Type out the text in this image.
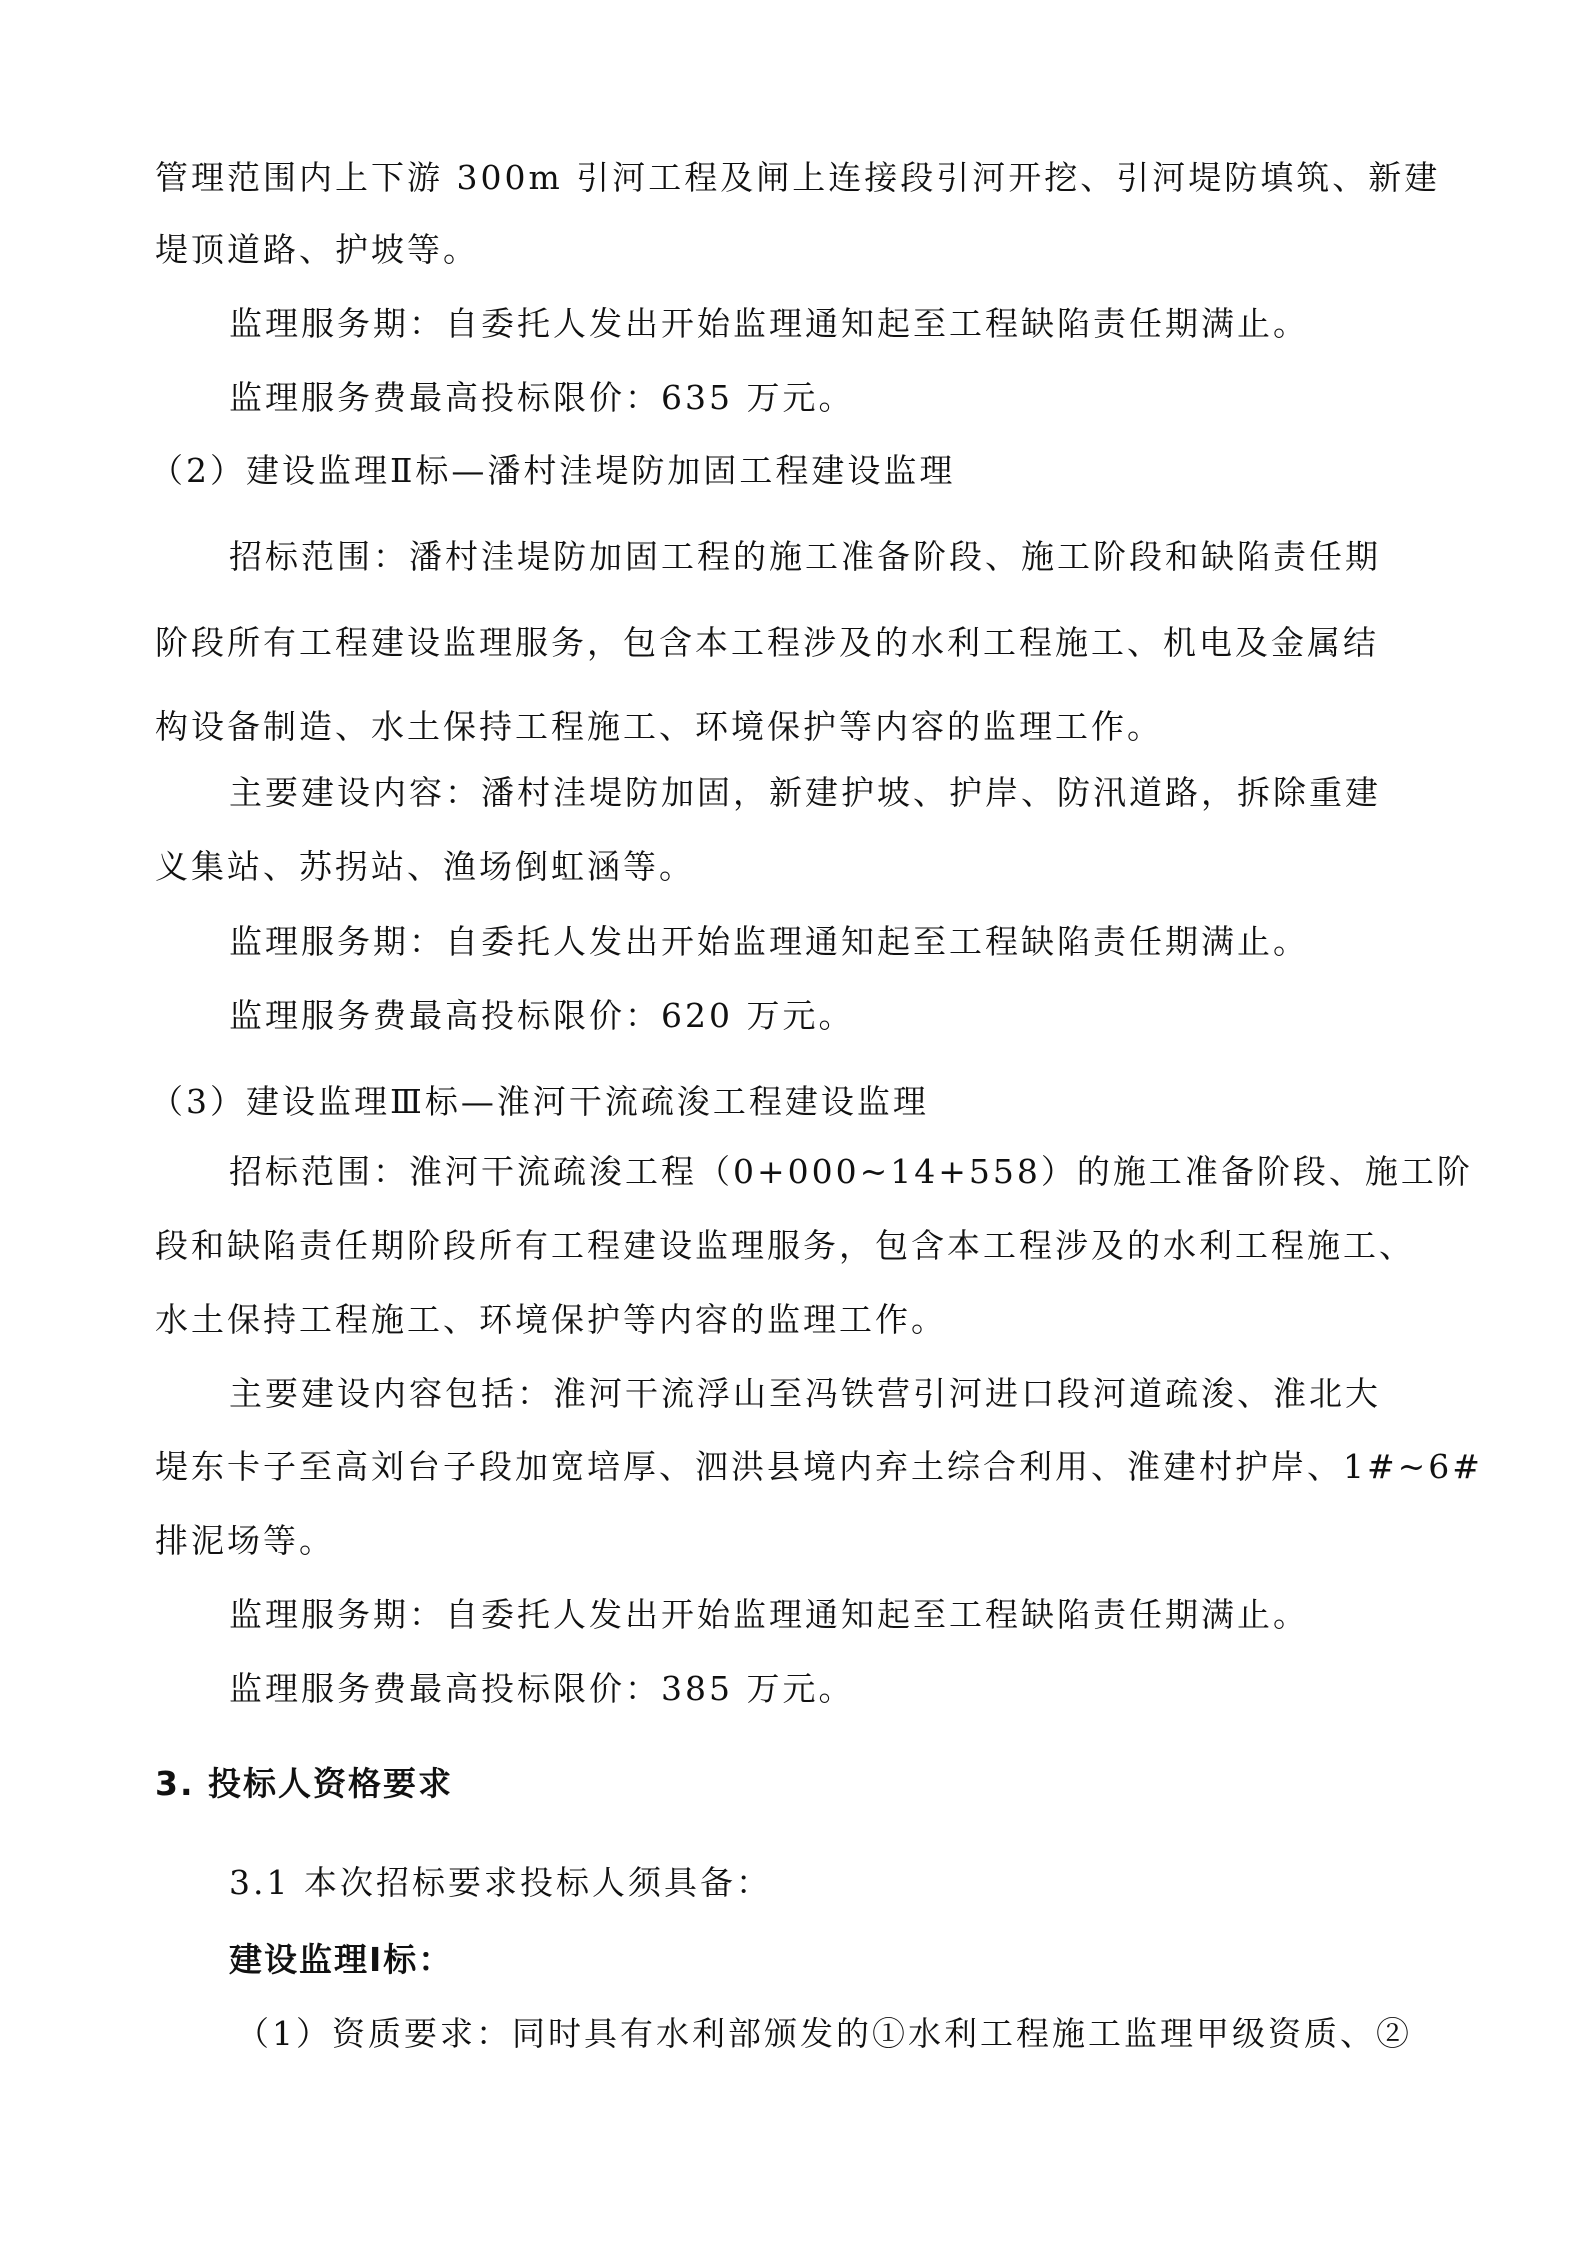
管理范围内上下游 300m 引河工程及闸上连接段引河开挖、引河堤防填筑、新建
堤顶道路、护坡等。
监理服务期：自委托人发出开始监理通知起至工程缺陷责任期满止。
监理服务费最高投标限价：635 万元。
（2）建设监理Ⅱ标—潘村洼堤防加固工程建设监理
招标范围：潘村洼堤防加固工程的施工准备阶段、施工阶段和缺陷责任期
阶段所有工程建设监理服务，包含本工程涉及的水利工程施工、机电及金属结
构设备制造、水土保持工程施工、环境保护等内容的监理工作。
主要建设内容：潘村洼堤防加固，新建护坡、护岸、防汛道路，拆除重建
义集站、苏拐站、渔场倒虹涵等。
监理服务期：自委托人发出开始监理通知起至工程缺陷责任期满止。
监理服务费最高投标限价：620 万元。
（3）建设监理Ⅲ标—淮河干流疏浚工程建设监理
招标范围：淮河干流疏浚工程（0+000~14+558）的施工准备阶段、施工阶
段和缺陷责任期阶段所有工程建设监理服务，包含本工程涉及的水利工程施工、
水土保持工程施工、环境保护等内容的监理工作。
主要建设内容包括：淮河干流浮山至冯铁营引河进口段河道疏浚、淮北大
堤东卡子至高刘台子段加宽培厚、泗洪县境内弃土综合利用、淮建村护岸、1#~6#
排泥场等。
监理服务期：自委托人发出开始监理通知起至工程缺陷责任期满止。
监理服务费最高投标限价：385 万元。
3. 投标人资格要求
3.1 本次招标要求投标人须具备：
建设监理Ⅰ标：
（1）资质要求：同时具有水利部颁发的①水利工程施工监理甲级资质、②
